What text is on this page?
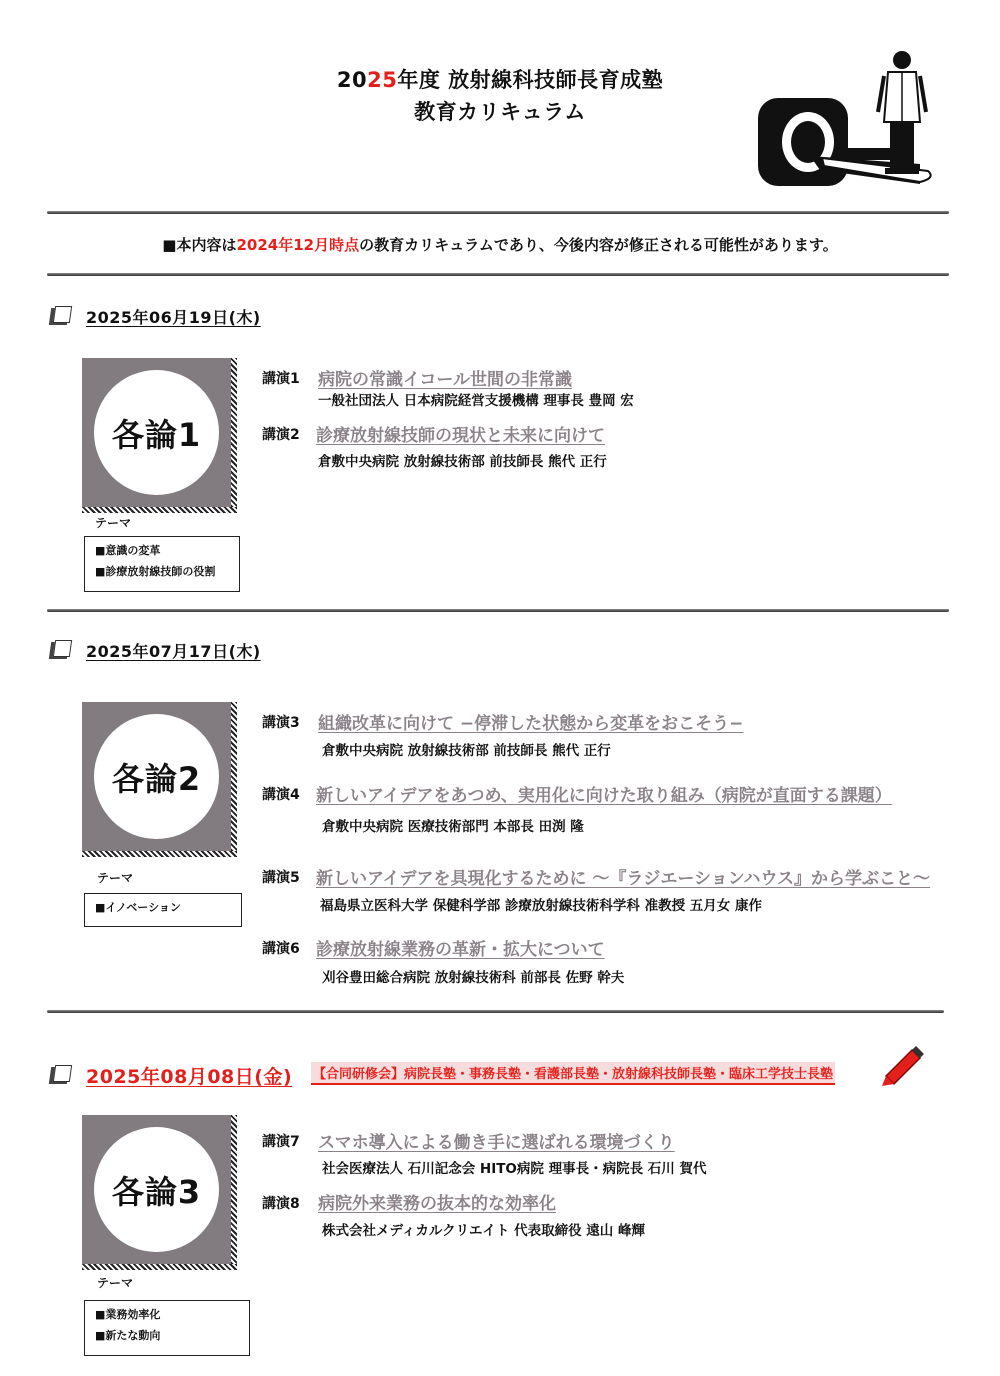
2025年度 放射線科技師長育成塾
教育カリキュラム
■本内容は2024年12月時点の教育カリキュラムであり、今後内容が修正される可能性があります。
2025年06月19日(木)
各論1
テーマ
■意識の変革
■診療放射線技師の役割
講演1 病院の常識イコール世間の非常識
一般社団法人 日本病院経営支援機構 理事長 豊岡 宏
講演2 診療放射線技師の現状と未来に向けて
倉敷中央病院 放射線技術部 前技師長 熊代 正行
2025年07月17日(木)
各論2
テーマ
■イノベーション
講演3 組織改革に向けて −停滞した状態から変革をおこそう−
倉敷中央病院 放射線技術部 前技師長 熊代 正行
講演4 新しいアイデアをあつめ、実用化に向けた取り組み（病院が直面する課題）
倉敷中央病院 医療技術部門 本部長 田渕 隆
講演5 新しいアイデアを具現化するために 〜『ラジエーションハウス』から学ぶこと〜
福島県立医科大学 保健科学部 診療放射線技術科学科 准教授 五月女 康作
講演6 診療放射線業務の革新・拡大について
刈谷豊田総合病院 放射線技術科 前部長 佐野 幹夫
2025年08月08日(金) 【合同研修会】病院長塾・事務長塾・看護部長塾・放射線科技師長塾・臨床工学技士長塾
各論3
テーマ
■業務効率化
■新たな動向
講演7 スマホ導入による働き手に選ばれる環境づくり
社会医療法人 石川記念会 HITO病院 理事長・病院長 石川 賀代
講演8 病院外来業務の抜本的な効率化
株式会社メディカルクリエイト 代表取締役 遠山 峰輝
